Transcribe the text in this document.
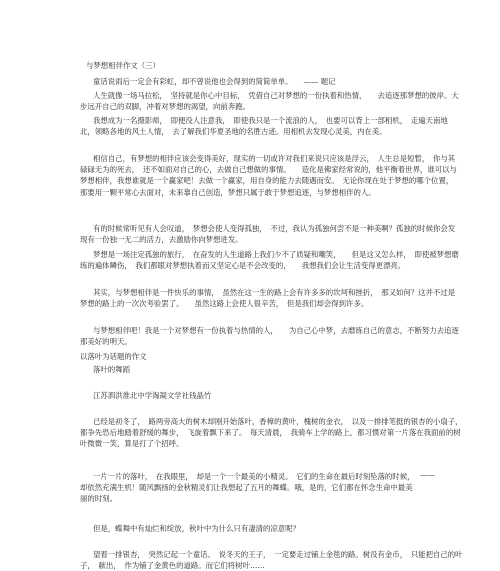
与梦想相伴作文（三）
童话说雨后一定会有彩虹，却不曾说他也会得到的简简单单。　　—— 题记
人生就像一场马拉松，　坚持就是你心中目标，　凭借自己对梦想的一份执着和热情，　　去追逐那梦想的彼岸。大步远开自己的双脚，冲着对梦想的渴望，向前奔跑。
我想成为一名摄影师，　即便没人注意我，　即使我只是一个流浪的人，　也要可以背上一部相机，　走遍天南地北，领略各地的风土人情，　去了解我们华夏圣地的名胜古迹。用相机去发现心灵美，内在美。
相信自己，有梦想的相伴应该会变得美好，现实的一切或许对我们来说只应该是浮云，　人生总是短暂，　你与其碌碌无为的死去，　还不如面对自己的心，去做自己想做的事情。　　造化是佛家经常说的，他平衡着世界，谁可以与梦想相伴，我想谁就是一个赢家吧！去做一个赢家，用自身的能力去随遇而安。　无论你现在处于梦想的哪个位置，　那要用一颗平常心去面对，未来靠自己创造，梦想只属于敢于梦想追逐，与梦想相伴的人。
有的时候常听见有人会叹道，　梦想会使人变得孤独，　不过，我认为孤独何尝不是一种美啊？孤独的时候你会发现有一份独一无二的活力，去激励你向梦想进发。
梦想是一场注定孤独的旅行，　在奋发的人生道路上我们少不了质疑和嘲笑，　　但是这又怎么样，　即使被梦想磨练的遍体鳞伤，　我们都眼对梦想执着而又坚定心是不会改变的，　　我想我们会让生活变得更漂亮。
其实，与梦想相伴是一件快乐的事情，　虽然在这一生的路上会有许多多的坎坷和挫折，　那又如何？这并不过是梦想的路上的一次次考验罢了。　　虽然这路上会使人很辛苦，　但是我们却会得到许多。
与梦想相伴吧！我是一个对梦想有一份执着与热情的人，　　为自己心中梦，去磨练自己的意志，不断努力去追逐那美好的明天。
以落叶为话题的作文
落叶的舞蹈
江苏泗洪淮北中学淘凝文学社钱晶竹
已经是初冬了，　路两旁高大的树木却刚开始落叶，香樟的黄叶，槐树的金衣，　以及一排排笔挺的银杏的小扇子，　都争先恐后地踏着舒缓的舞步，　飞旋着飘下来了。　每天清晨，　我骑车上学的路上，都习惯对第一片落在我面前的树叶微微一笑，算是打了个招呼。
——
一片一片的落叶，　在我眼里，　却是一个一个最美的小精灵。　它们的生命在最后时刻坠落的时候，却依然充满生机！随风飘扬的金秋精灵们让我想起了五月的舞蝶。哦，是的，它们都在怀念生命中最美丽的时刻。
但是，蝶舞中有灿烂和绽放，秋叶中为什么只有凄清的凉意呢？
望着一排银杏，　突然记起一个童话。　说冬天的王子，　一定要走过铺上金毯的路。树没有金币，　只能把自己的叶子，　献出，　作为铺了金黄色的道路。而它们将树叶……
